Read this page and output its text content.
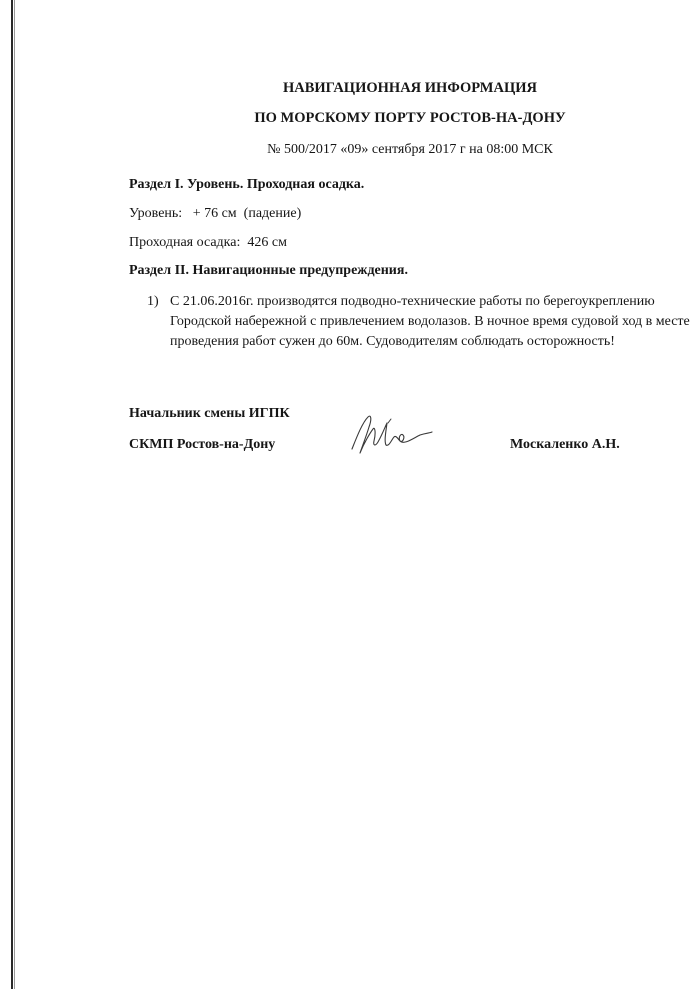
НАВИГАЦИОННАЯ ИНФОРМАЦИЯ
ПО МОРСКОМУ ПОРТУ РОСТОВ-НА-ДОНУ
№ 500/2017 «09» сентября 2017 г на 08:00 МСК
Раздел I. Уровень. Проходная осадка.
Уровень:   + 76 см  (падение)
Проходная осадка:  426 см
Раздел II. Навигационные предупреждения.
1) С 21.06.2016г. производятся подводно-технические работы по берегоукреплению Городской набережной с привлечением водолазов. В ночное время судовой ход в месте проведения работ сужен до 60м. Судоводителям соблюдать осторожность!
Начальник смены ИГПК
СКМП Ростов-на-Дону	Москаленко А.Н.
